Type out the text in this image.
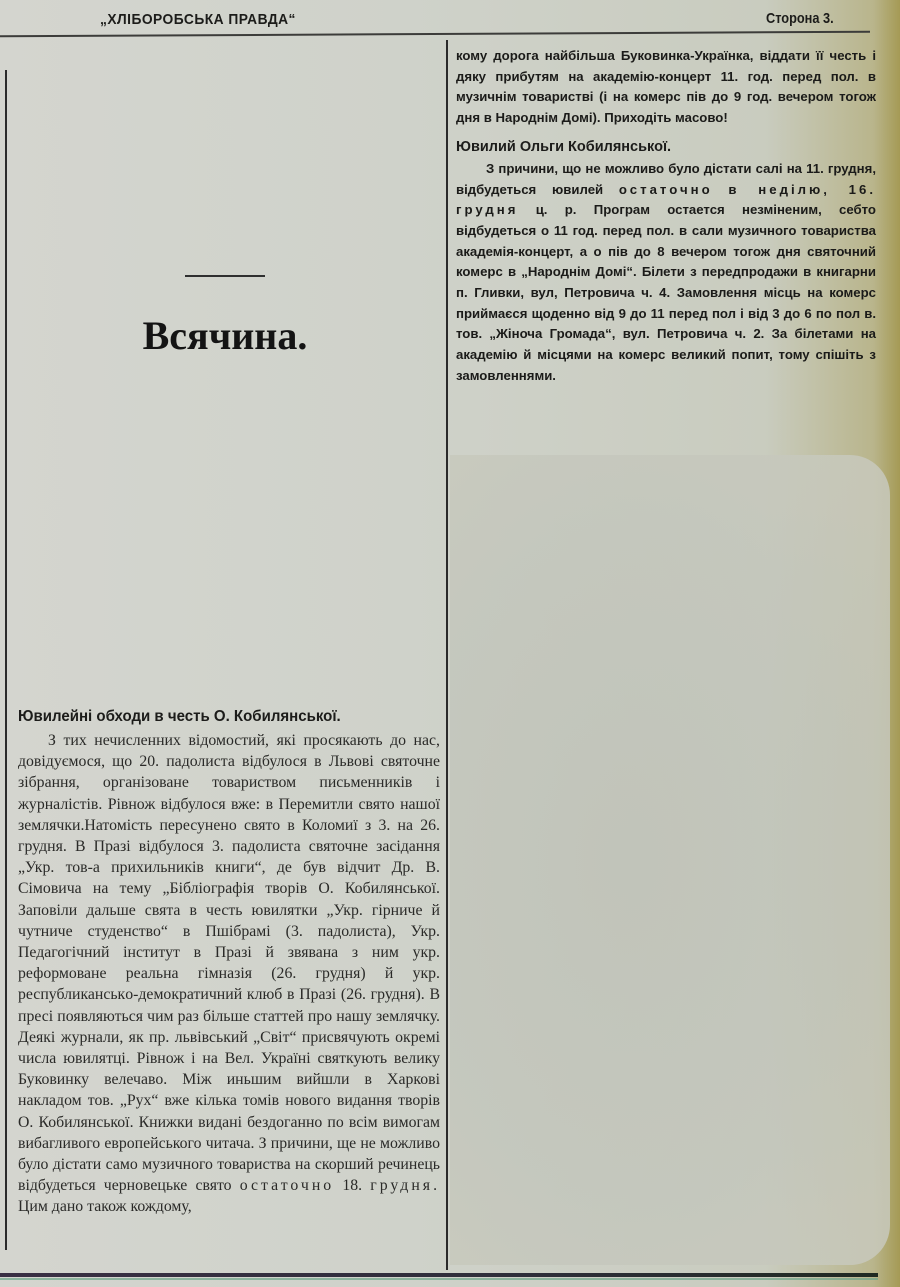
„ХЛІБОРОБСЬКА ПРАВДА“	Сторона 3.
Всячина.
Ювилейні обходи в честь О. Кобилянської.

З тих нечисленних відомостий, які просякають до нас, довідуємося, що 20. падолиста відбулося в Львові святочне зібрання, організоване товариством письменників і журналістів. Рівнож відбулося вже: в Перемитли свято нашої землячки.Натомість пересунено свято в Коломиї з 3. на 26. грудня. В Празі відбулося 3. падолиста святочне засідання „Укр. тов-а прихильників книги“, де був відчит Др. В. Сімовича на тему „Бібліографія творів О. Кобилянської. Заповіли дальше свята в честь ювилятки „Укр. гірниче й чутниче студенство“ в Пшібрамі (3. падолиста), Укр. Педагогічний інститут в Празі й звявана з ним укр. реформоване реальна гімназія (26. грудня) й укр. республиканськo-демократичний клюб в Празі (26. грудня). В пресі появляються чим раз більше статтей про нашу землячку. Деякі журнали, як пр. львівський „Світ“ присвячують окремі числа ювилятці. Рівнож і на Вел. Україні святкують велику Буковинку велечаво. Між иньшим вийшли в Харкові накладом тов. „Рух“ вже кілька томів нового видання творів О. Кобилянської. Книжки видані бездоганно по всім вимогам вибагливого европейського читача. З причини, ще не можливо було дістати само музичного товариства на скорший речинець відбудеться черновецьке свято остаточно 18. грудня. Цим дано також кождому,

кому дорога найбільша Буковинка-Українка, віддати її честь і дяку прибутям на академію-концерт 11. год. перед пол. в музичнім товаристві (і на комерс пів до 9 год. вечером тогож дня в Народнім Домі). Приходіть масово!

Ювилий Ольги Кобилянськоï.

З причини, що не можливо було дістати салі на 11. грудня, відбудеться ювилей остаточно в неділю, 16. грудня ц. р. Програм остается незміненим, себто відбудеться о 11 год. перед пол. в сали музичного товариства академія-концерт, а о пів до 8 вечером тогож дня святочний комерс в „Народнім Домі“. Білети з передпродажи в книгарни п. Гливки, вул, Петровича ч. 4. Замовлення місць на комерс приймаєся щоденно від 9 до 11 перед пол і від 3 до 6 по пол в. тов. „Жіноча Громада“, вул. Петровича ч. 2. За білетами на академію й місцями на комерс великий попит, тому спішіть з замовленнями.
